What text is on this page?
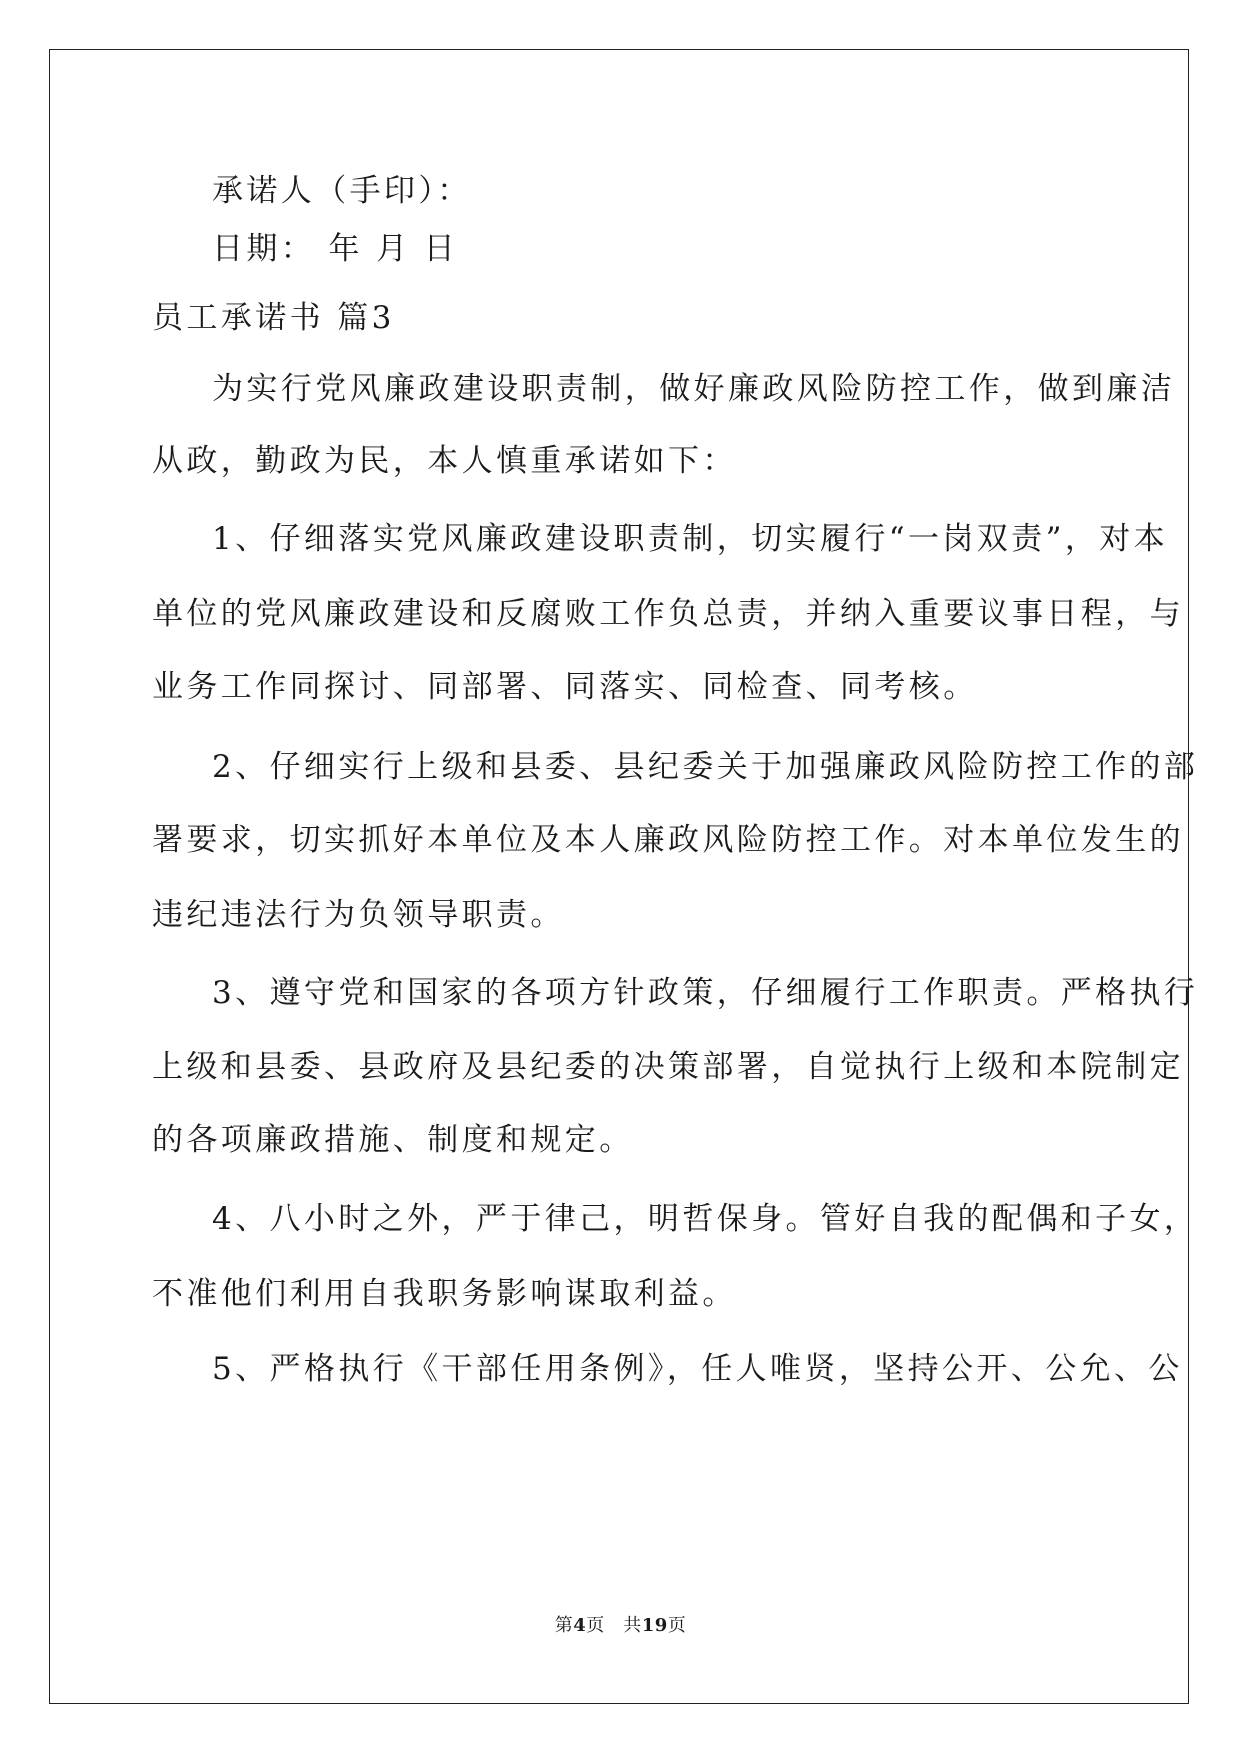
承诺人（手印）：
日期： 年 月 日
员工承诺书 篇3
为实行党风廉政建设职责制，做好廉政风险防控工作，做到廉洁
从政，勤政为民，本人慎重承诺如下：
1、仔细落实党风廉政建设职责制，切实履行“一岗双责”，对本
单位的党风廉政建设和反腐败工作负总责，并纳入重要议事日程，与
业务工作同探讨、同部署、同落实、同检查、同考核。
2、仔细实行上级和县委、县纪委关于加强廉政风险防控工作的部
署要求，切实抓好本单位及本人廉政风险防控工作。对本单位发生的
违纪违法行为负领导职责。
3、遵守党和国家的各项方针政策，仔细履行工作职责。严格执行
上级和县委、县政府及县纪委的决策部署，自觉执行上级和本院制定
的各项廉政措施、制度和规定。
4、八小时之外，严于律己，明哲保身。管好自我的配偶和子女，
不准他们利用自我职务影响谋取利益。
5、严格执行《干部任用条例》，任人唯贤，坚持公开、公允、公
第4页　共19页
